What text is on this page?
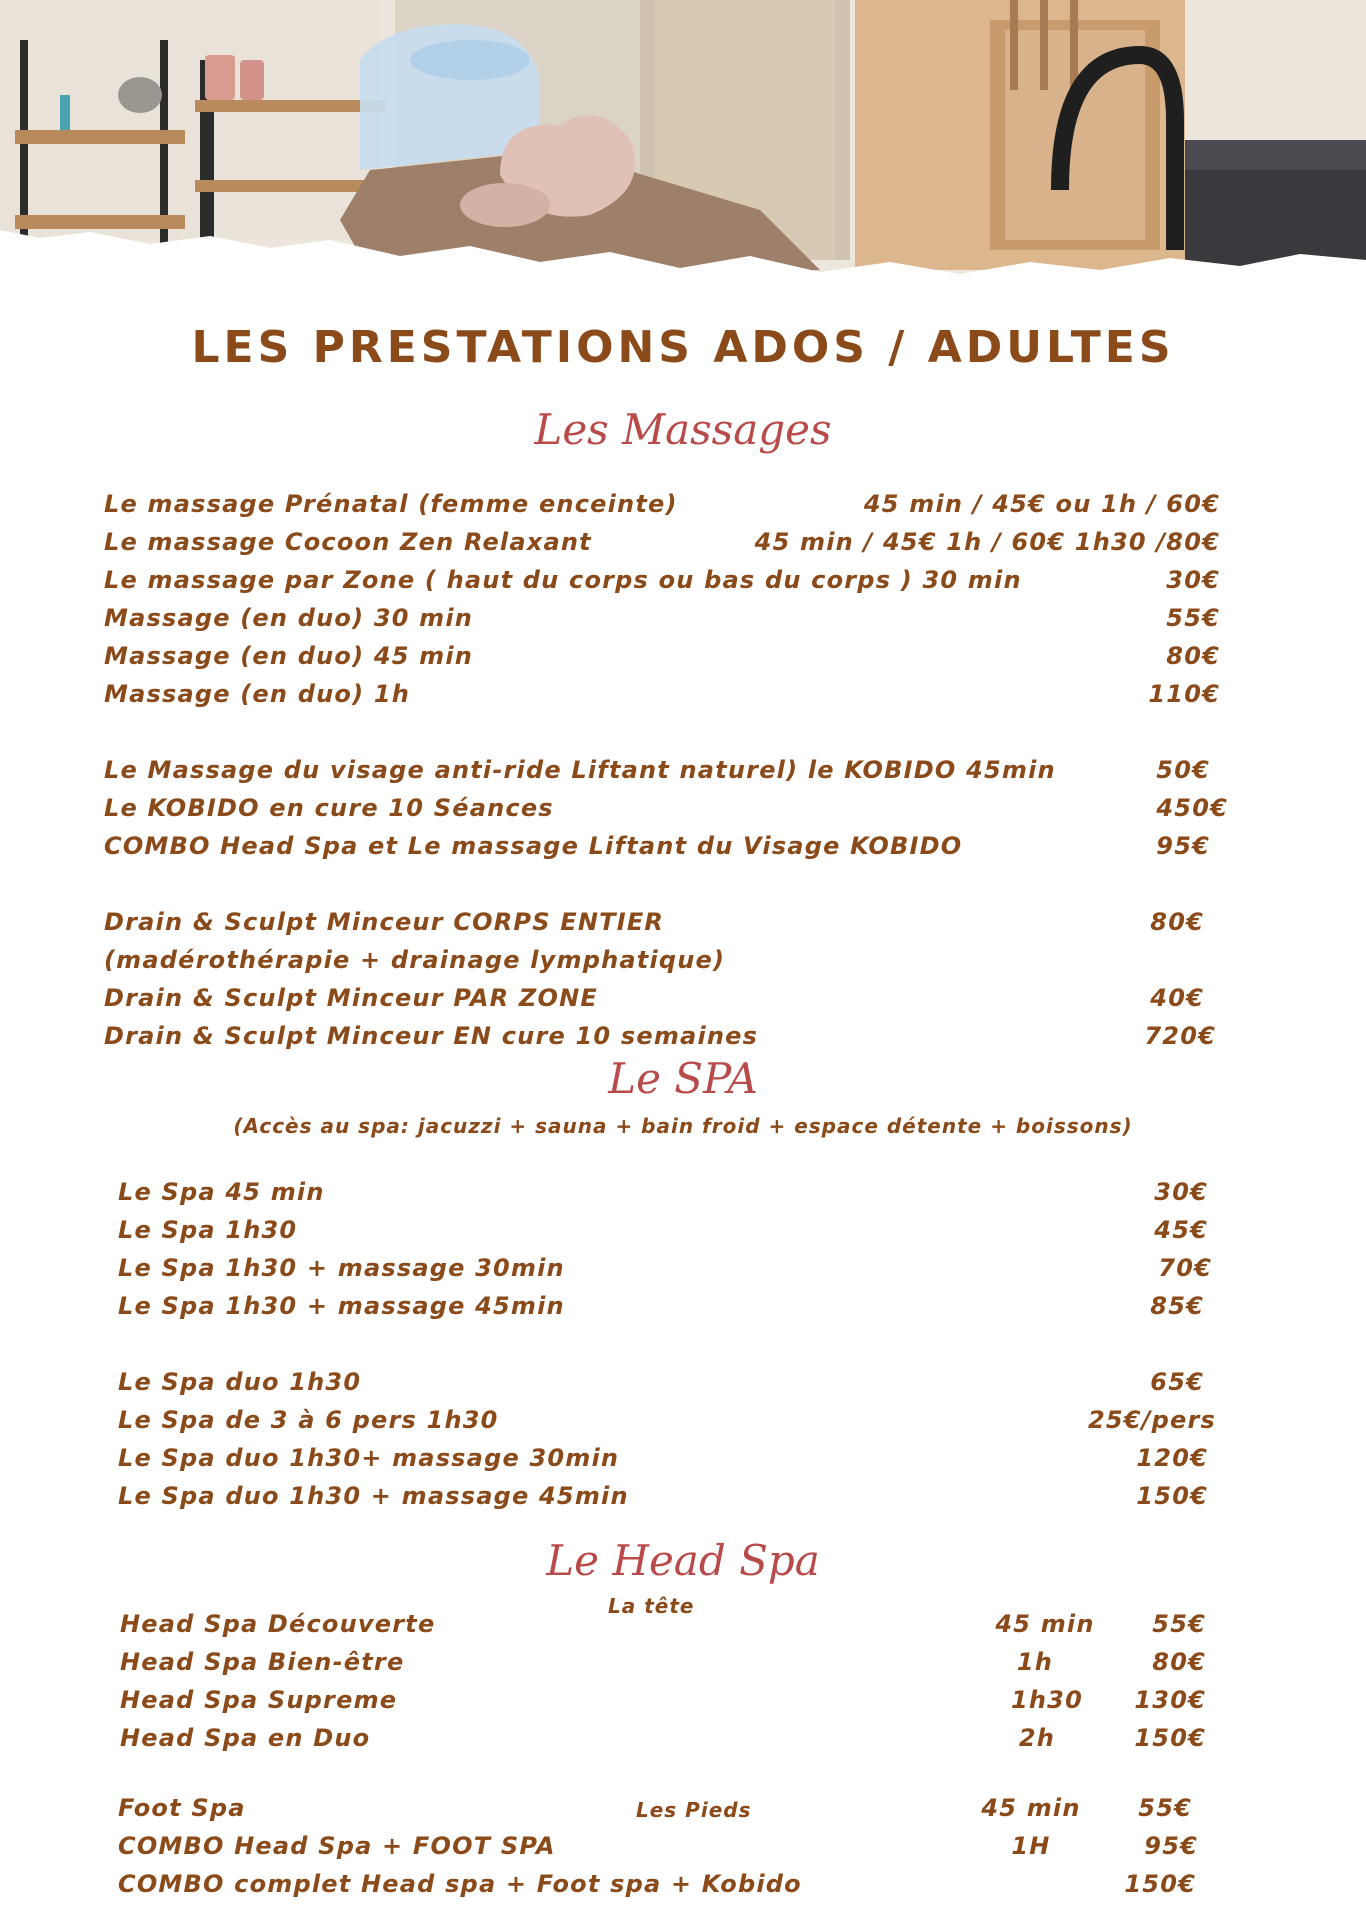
LES PRESTATIONS ADOS / ADULTES
Les Massages
Le massage Prénatal (femme enceinte)	45 min / 45€ ou 1h / 60€
Le massage Cocoon Zen Relaxant	45 min / 45€ 1h / 60€ 1h30 /80€
Le massage par Zone ( haut du corps ou bas du corps ) 30 min	30€
Massage (en duo) 30 min	55€
Massage (en duo) 45 min	80€
Massage (en duo) 1h	110€
Le Massage du visage anti-ride Liftant naturel) le KOBIDO 45min	50€
Le KOBIDO en cure 10 Séances	450€
COMBO Head Spa et Le massage Liftant du Visage KOBIDO	95€
Drain & Sculpt Minceur CORPS ENTIER	80€
(madérothérapie + drainage lymphatique)
Drain & Sculpt Minceur PAR ZONE	40€
Drain & Sculpt Minceur EN cure 10 semaines	720€
Le SPA
(Accès au spa: jacuzzi + sauna + bain froid + espace détente + boissons)
Le Spa 45 min	30€
Le Spa 1h30	45€
Le Spa 1h30 + massage 30min	70€
Le Spa 1h30 + massage 45min	85€
Le Spa duo 1h30	65€
Le Spa de 3 à 6 pers 1h30	25€/pers
Le Spa duo 1h30+ massage 30min	120€
Le Spa duo 1h30 + massage 45min	150€
Le Head Spa
La tête
Head Spa Découverte	45 min 55€
Head Spa Bien-être	1h	80€
Head Spa Supreme	1h30	130€
Head Spa en Duo	2h	150€
Foot Spa	45 min 55€
Les Pieds
COMBO Head Spa + FOOT SPA	1H	95€
COMBO complet Head spa + Foot spa + Kobido	150€
